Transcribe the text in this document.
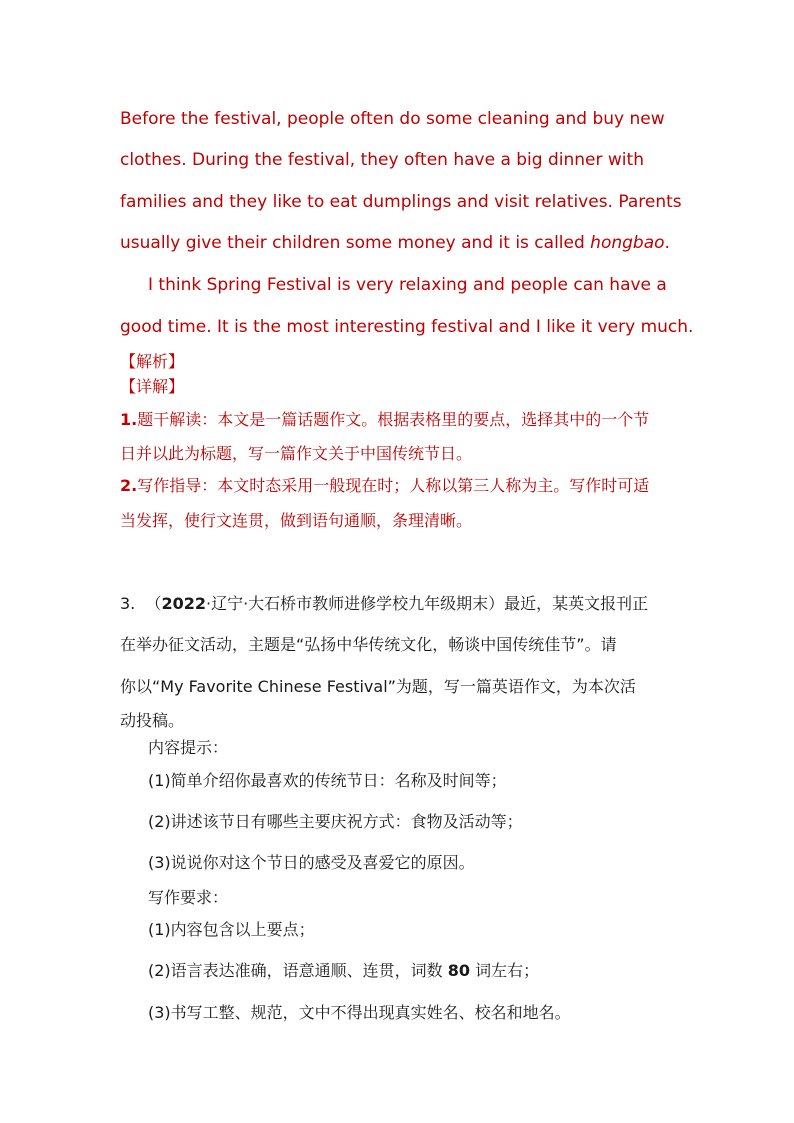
Before the festival, people often do some cleaning and buy new
clothes. During the festival, they often have a big dinner with
families and they like to eat dumplings and visit relatives. Parents
usually give their children some money and it is called hongbao.
I think Spring Festival is very relaxing and people can have a
good time. It is the most interesting festival and I like it very much.
【解析】
【详解】
1.题干解读：本文是一篇话题作文。根据表格里的要点，选择其中的一个节
日并以此为标题，写一篇作文关于中国传统节日。
2.写作指导：本文时态采用一般现在时；人称以第三人称为主。写作时可适
当发挥，使行文连贯，做到语句通顺，条理清晰。
3. （2022·辽宁·大石桥市教师进修学校九年级期末）最近，某英文报刊正
在举办征文活动，主题是“弘扬中华传统文化，畅谈中国传统佳节”。请
你以“My Favorite Chinese Festival”为题，写一篇英语作文，为本次活
动投稿。
内容提示：
(1)简单介绍你最喜欢的传统节日：名称及时间等；
(2)讲述该节日有哪些主要庆祝方式：食物及活动等；
(3)说说你对这个节日的感受及喜爱它的原因。
写作要求：
(1)内容包含以上要点；
(2)语言表达准确，语意通顺、连贯，词数 80 词左右；
(3)书写工整、规范，文中不得出现真实姓名、校名和地名。
